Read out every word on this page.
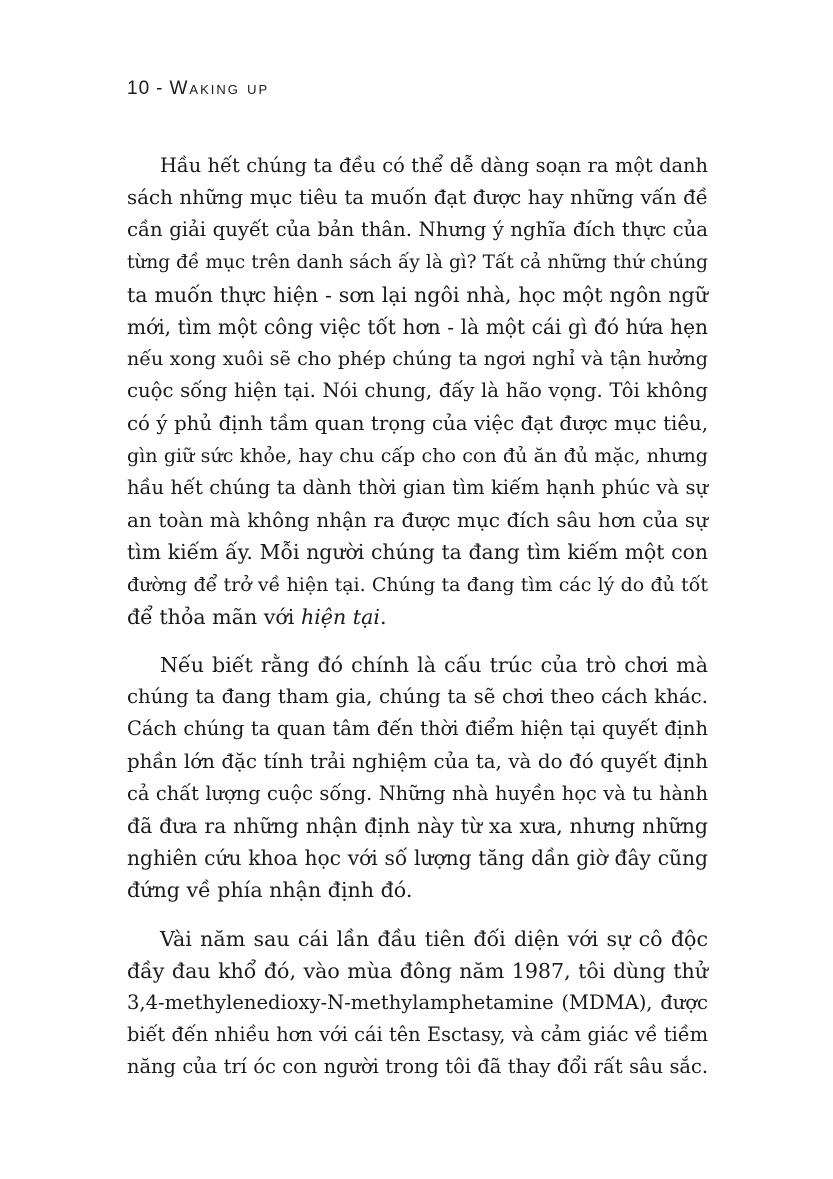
10 - Waking up
Hầu hết chúng ta đều có thể dễ dàng soạn ra một danh
sách những mục tiêu ta muốn đạt được hay những vấn đề
cần giải quyết của bản thân. Nhưng ý nghĩa đích thực của
từng đề mục trên danh sách ấy là gì? Tất cả những thứ chúng
ta muốn thực hiện - sơn lại ngôi nhà, học một ngôn ngữ
mới, tìm một công việc tốt hơn - là một cái gì đó hứa hẹn
nếu xong xuôi sẽ cho phép chúng ta ngơi nghỉ và tận hưởng
cuộc sống hiện tại. Nói chung, đấy là hão vọng. Tôi không
có ý phủ định tầm quan trọng của việc đạt được mục tiêu,
gìn giữ sức khỏe, hay chu cấp cho con đủ ăn đủ mặc, nhưng
hầu hết chúng ta dành thời gian tìm kiếm hạnh phúc và sự
an toàn mà không nhận ra được mục đích sâu hơn của sự
tìm kiếm ấy. Mỗi người chúng ta đang tìm kiếm một con
đường để trở về hiện tại. Chúng ta đang tìm các lý do đủ tốt
để thỏa mãn với hiện tại.
Nếu biết rằng đó chính là cấu trúc của trò chơi mà
chúng ta đang tham gia, chúng ta sẽ chơi theo cách khác.
Cách chúng ta quan tâm đến thời điểm hiện tại quyết định
phần lớn đặc tính trải nghiệm của ta, và do đó quyết định
cả chất lượng cuộc sống. Những nhà huyền học và tu hành
đã đưa ra những nhận định này từ xa xưa, nhưng những
nghiên cứu khoa học với số lượng tăng dần giờ đây cũng
đứng về phía nhận định đó.
Vài năm sau cái lần đầu tiên đối diện với sự cô độc
đầy đau khổ đó, vào mùa đông năm 1987, tôi dùng thử
3,4-methylenedioxy-N-methylamphetamine (MDMA), được
biết đến nhiều hơn với cái tên Esctasy, và cảm giác về tiềm
năng của trí óc con người trong tôi đã thay đổi rất sâu sắc.
